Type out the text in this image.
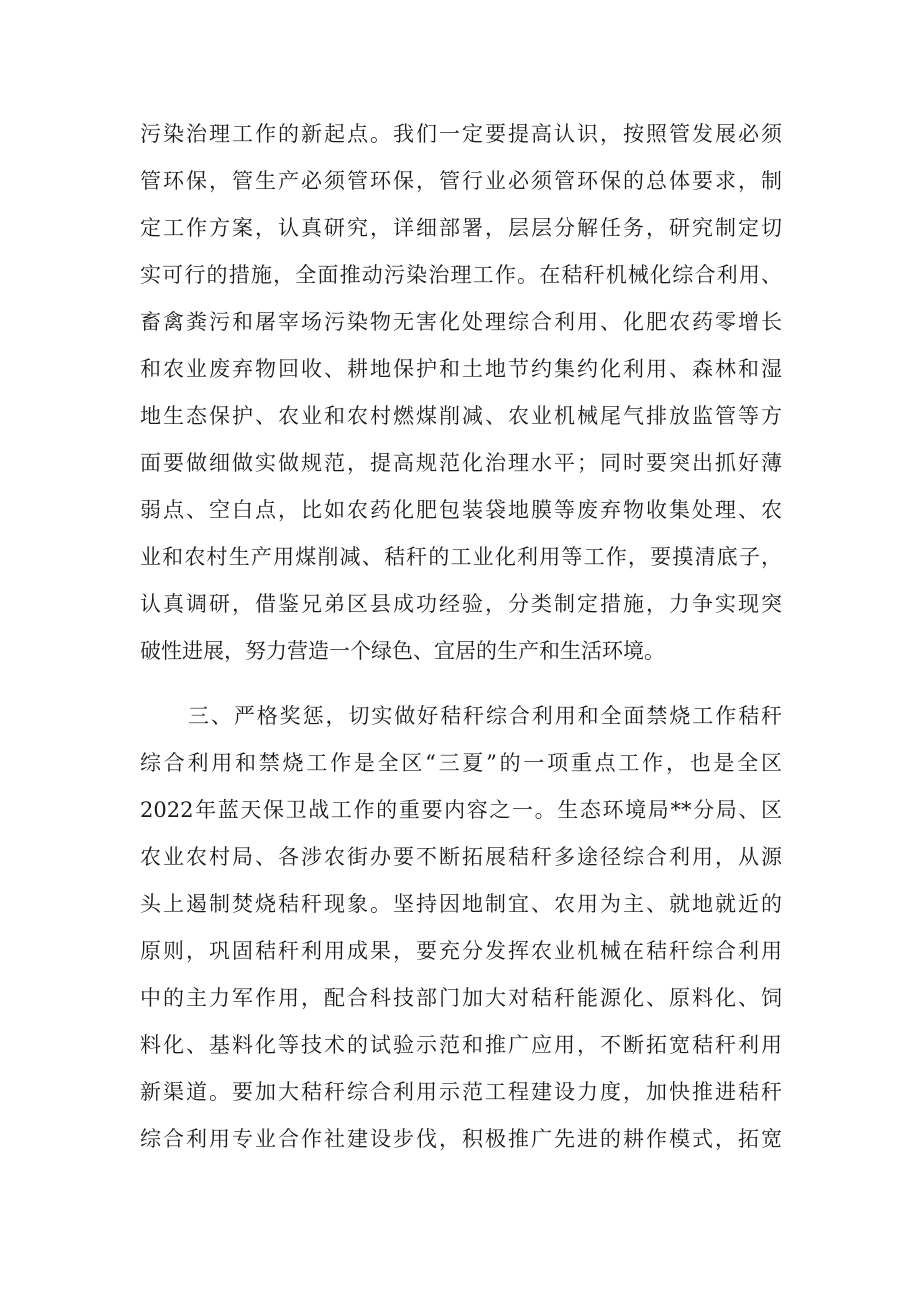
污染治理工作的新起点。我们一定要提高认识，按照管发展必须
管环保，管生产必须管环保，管行业必须管环保的总体要求，制
定工作方案，认真研究，详细部署，层层分解任务，研究制定切
实可行的措施，全面推动污染治理工作。在秸秆机械化综合利用、
畜禽粪污和屠宰场污染物无害化处理综合利用、化肥农药零增长
和农业废弃物回收、耕地保护和土地节约集约化利用、森林和湿
地生态保护、农业和农村燃煤削减、农业机械尾气排放监管等方
面要做细做实做规范，提高规范化治理水平；同时要突出抓好薄
弱点、空白点，比如农药化肥包装袋地膜等废弃物收集处理、农
业和农村生产用煤削减、秸秆的工业化利用等工作，要摸清底子，
认真调研，借鉴兄弟区县成功经验，分类制定措施，力争实现突
破性进展，努力营造一个绿色、宜居的生产和生活环境。
三、严格奖惩，切实做好秸秆综合利用和全面禁烧工作秸秆
综合利用和禁烧工作是全区“三夏”的一项重点工作，也是全区
2022年蓝天保卫战工作的重要内容之一。生态环境局**分局、区
农业农村局、各涉农街办要不断拓展秸秆多途径综合利用，从源
头上遏制焚烧秸秆现象。坚持因地制宜、农用为主、就地就近的
原则，巩固秸秆利用成果，要充分发挥农业机械在秸秆综合利用
中的主力军作用，配合科技部门加大对秸秆能源化、原料化、饲
料化、基料化等技术的试验示范和推广应用，不断拓宽秸秆利用
新渠道。要加大秸秆综合利用示范工程建设力度，加快推进秸秆
综合利用专业合作社建设步伐，积极推广先进的耕作模式，拓宽
